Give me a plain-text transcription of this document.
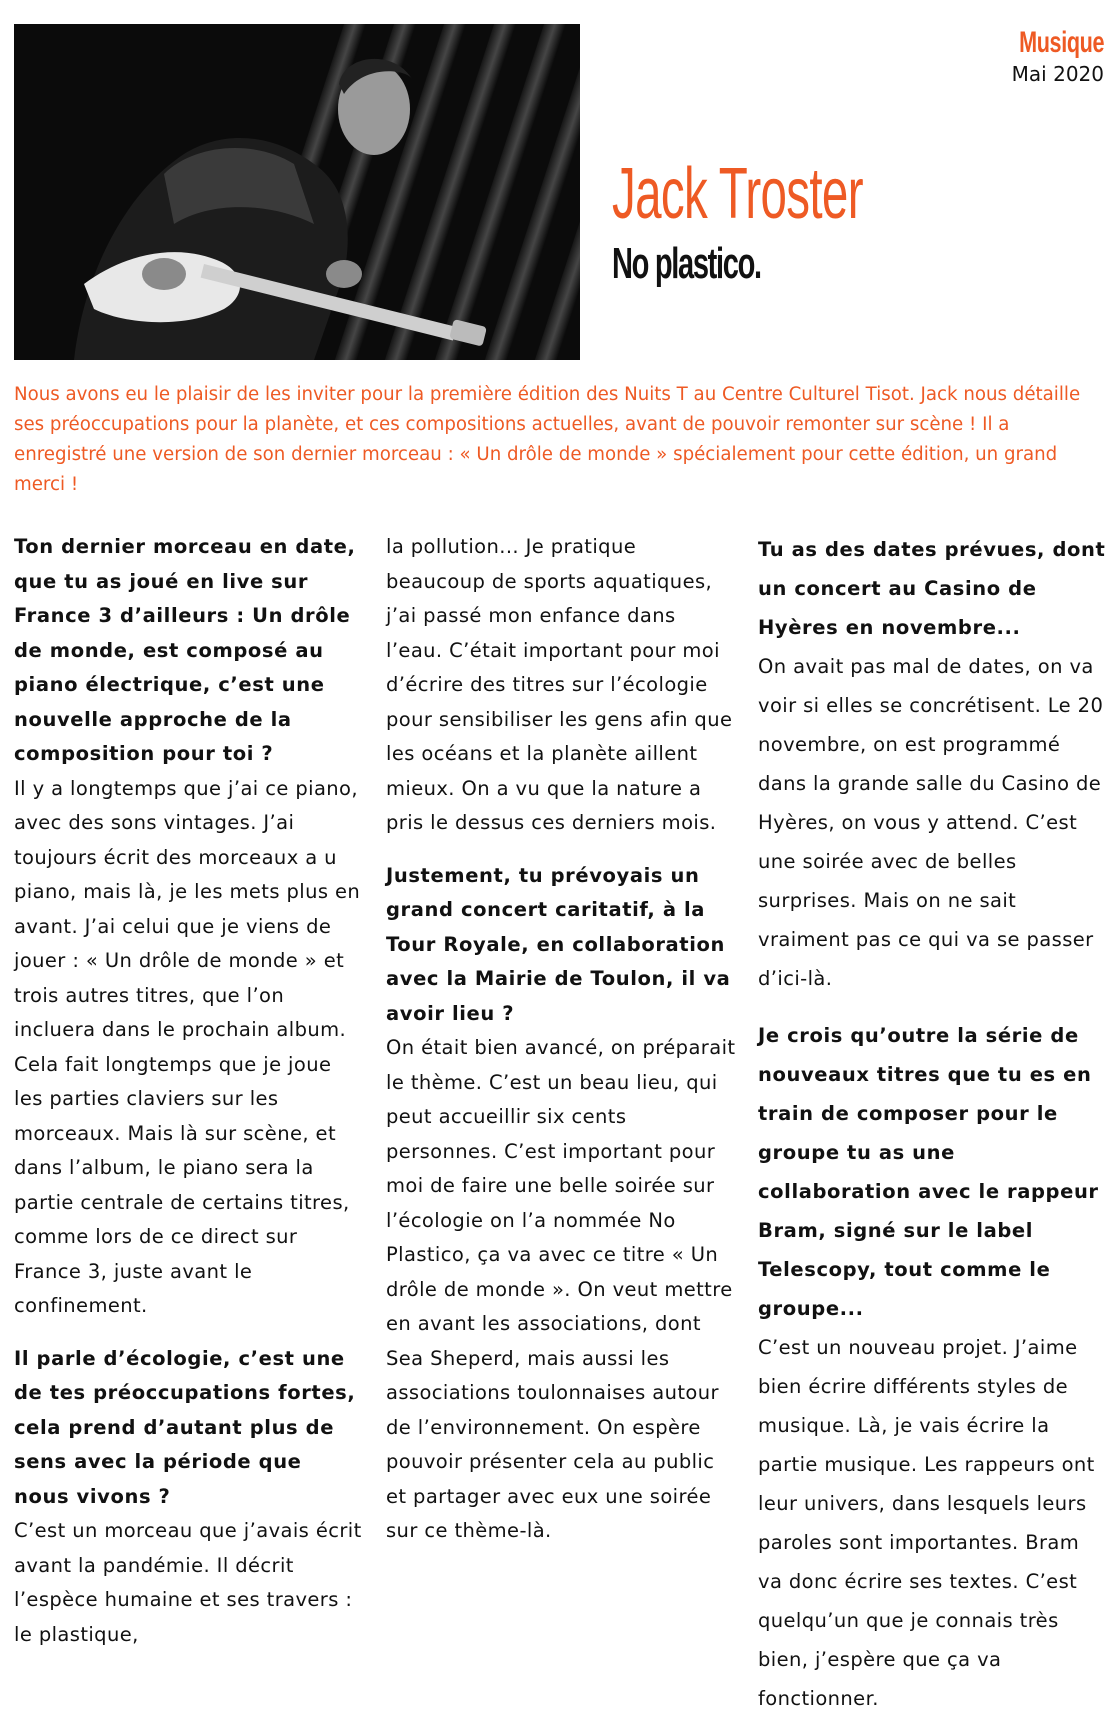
Musique
Mai 2020
Jack Troster
No plastico.

Nous avons eu le plaisir de les inviter pour la première édition des Nuits T au Centre Culturel Tisot. Jack nous détaille ses préoccupations pour la planète, et ces compositions actuelles, avant de pouvoir remonter sur scène ! Il a enregistré une version de son dernier morceau : « Un drôle de monde » spécialement pour cette édition, un grand merci !

Ton dernier morceau en date, que tu as joué en live sur France 3 d’ailleurs : Un drôle de monde, est composé au piano électrique, c’est une nouvelle approche de la composition pour toi ?

Il y a longtemps que j’ai ce piano, avec des sons vintages. J’ai toujours écrit des morceaux a u piano, mais là, je les mets plus en avant. J’ai celui que je viens de jouer : « Un drôle de monde » et trois autres titres, que l’on incluera dans le prochain album. Cela fait longtemps que je joue les parties claviers sur les morceaux. Mais là sur scène, et dans l’album, le piano sera la partie centrale de certains titres, comme lors de ce direct sur France 3, juste avant le confinement.

Il parle d’écologie, c’est une de tes préoccupations fortes, cela prend d’autant plus de sens avec la période que nous vivons ?

C’est un morceau que j’avais écrit avant la pandémie. Il décrit l’espèce humaine et ses travers : le plastique,

la pollution... Je pratique beaucoup de sports aquatiques, j’ai passé mon enfance dans l’eau. C’était important pour moi d’écrire des titres sur l’écologie pour sensibiliser les gens afin que les océans et la planète aillent mieux. On a vu que la nature a pris le dessus ces derniers mois.

Justement, tu prévoyais un grand concert caritatif, à la Tour Royale, en collaboration avec la Mairie de Toulon, il va avoir lieu ?

On était bien avancé, on préparait le thème. C’est un beau lieu, qui peut accueillir six cents personnes. C’est important pour moi de faire une belle soirée sur l’écologie on l’a nommée No Plastico, ça va avec ce titre « Un drôle de monde ». On veut mettre en avant les associations, dont Sea Sheperd, mais aussi les associations toulonnaises autour de l’environnement. On espère pouvoir présenter cela au public et partager avec eux une soirée sur ce thème-là.

Tu as des dates prévues, dont un concert au Casino de Hyères en novembre...

On avait pas mal de dates, on va voir si elles se concrétisent. Le 20 novembre, on est programmé dans la grande salle du Casino de Hyères, on vous y attend. C’est une soirée avec de belles surprises. Mais on ne sait vraiment pas ce qui va se passer d’ici-là.

Je crois qu’outre la série de nouveaux titres que tu es en train de composer pour le groupe tu as une collaboration avec le rappeur Bram, signé sur le label Telescopy, tout comme le groupe...

C’est un nouveau projet. J’aime bien écrire différents styles de musique. Là, je vais écrire la partie musique. Les rappeurs ont leur univers, dans lesquels leurs paroles sont importantes. Bram va donc écrire ses textes. C’est quelqu’un que je connais très bien, j’espère que ça va fonctionner.
